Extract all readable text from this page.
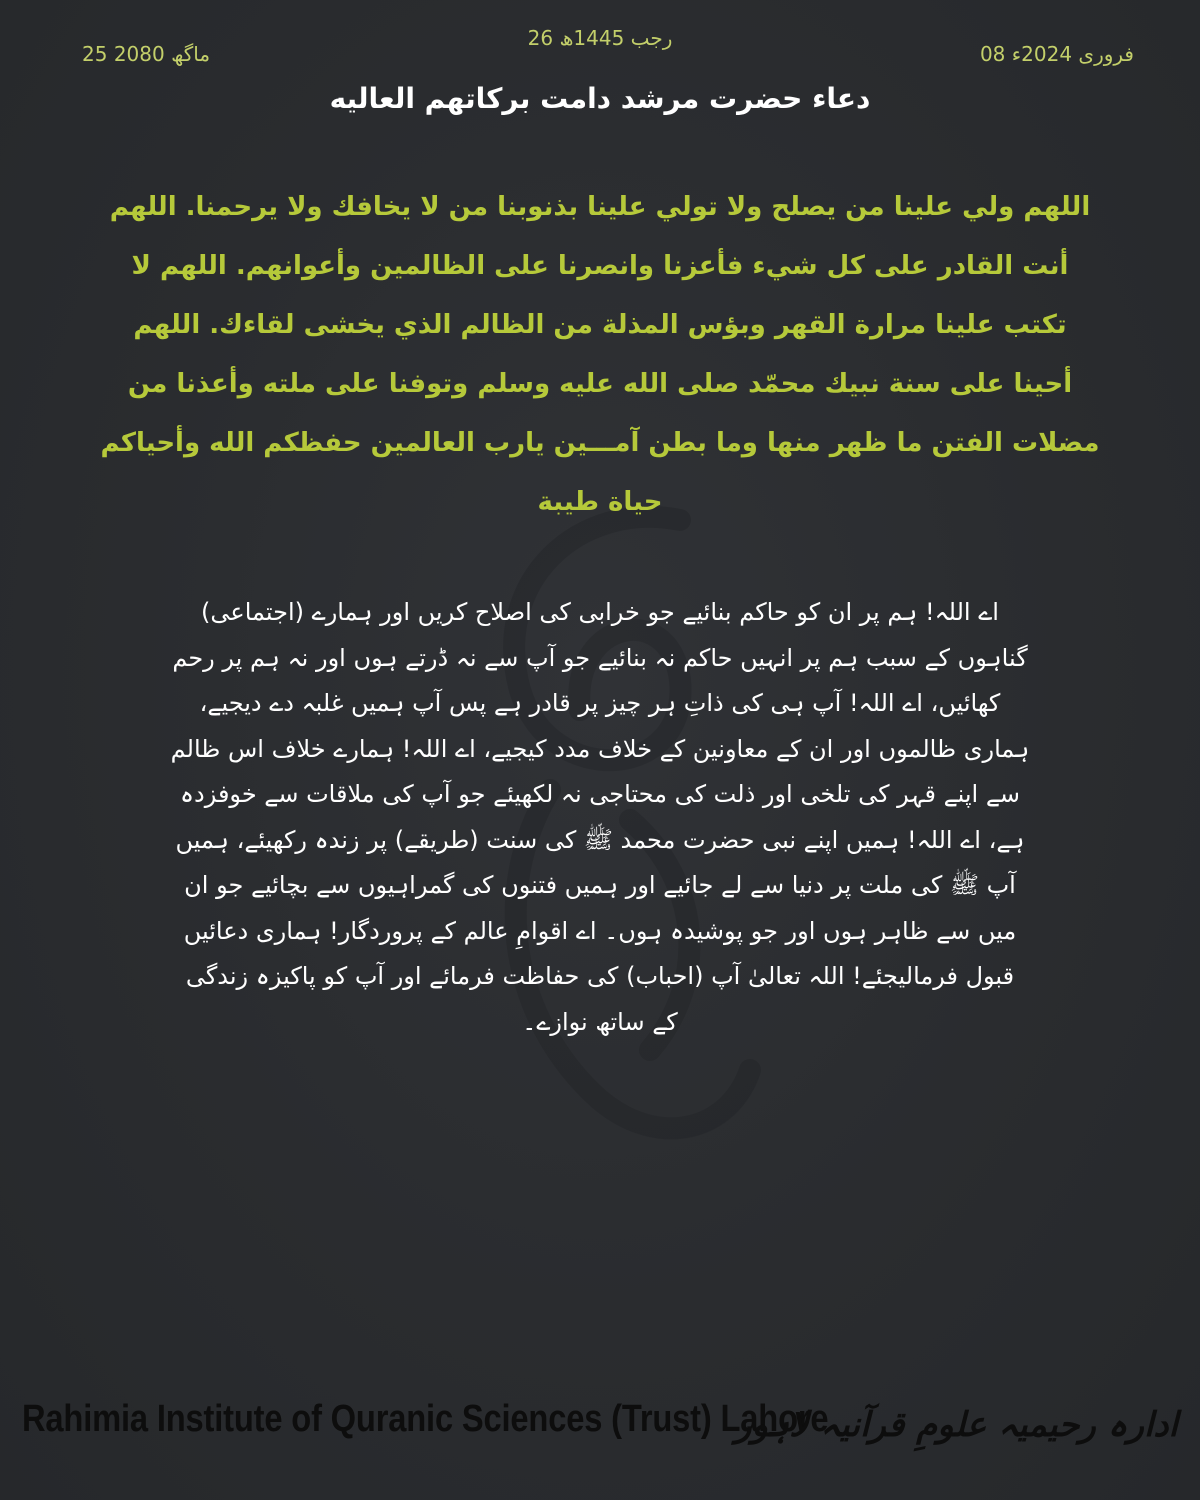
25 ماگھ 2080
26 رجب 1445ھ
08 فروری 2024ء
دعاء حضرت مرشد دامت برکاتهم العالیه
اللهم ولي علينا من يصلح ولا تولي علينا بذنوبنا من لا يخافك ولا يرحمنا. اللهم أنت القادر على كل شيء فأعزنا وانصرنا على الظالمين وأعوانهم. اللهم لا تكتب علينا مرارة القهر وبؤس المذلة من الظالم الذي يخشى لقاءك. اللهم أحينا على سنة نبيك محمّد صلى الله عليه وسلم وتوفنا على ملته وأعذنا من مضلات الفتن ما ظهر منها وما بطن آمـــين يارب العالمين حفظكم الله وأحياكم حياة طيبة
اے اللہ! ہم پر ان کو حاکم بنائیے جو خرابی کی اصلاح کریں اور ہمارے (اجتماعی) گناہوں کے سبب ہم پر انہیں حاکم نہ بنائیے جو آپ سے نہ ڈرتے ہوں اور نہ ہم پر رحم کھائیں، اے اللہ! آپ ہی کی ذاتِ ہر چیز پر قادر ہے پس آپ ہمیں غلبہ دے دیجیے، ہماری ظالموں اور ان کے معاونین کے خلاف مدد کیجیے، اے اللہ! ہمارے خلاف اس ظالم سے اپنے قہر کی تلخی اور ذلت کی محتاجی نہ لکھیئے جو آپ کی ملاقات سے خوفزدہ ہے، اے اللہ! ہمیں اپنے نبی حضرت محمد ﷺ کی سنت (طریقے) پر زندہ رکھیئے، ہمیں آپ ﷺ کی ملت پر دنیا سے لے جائیے اور ہمیں فتنوں کی گمراہیوں سے بچائیے جو ان میں سے ظاہر ہوں اور جو پوشیدہ ہوں۔ اے اقوامِ عالم کے پروردگار! ہماری دعائیں قبول فرمالیجئے! اللہ تعالیٰ آپ (احباب) کی حفاظت فرمائے اور آپ کو پاکیزہ زندگی کے ساتھ نوازے۔
Rahimia Institute of Quranic Sciences (Trust) Lahore
ادارہ رحیمیہ علومِ قرآنیہ لاہور
